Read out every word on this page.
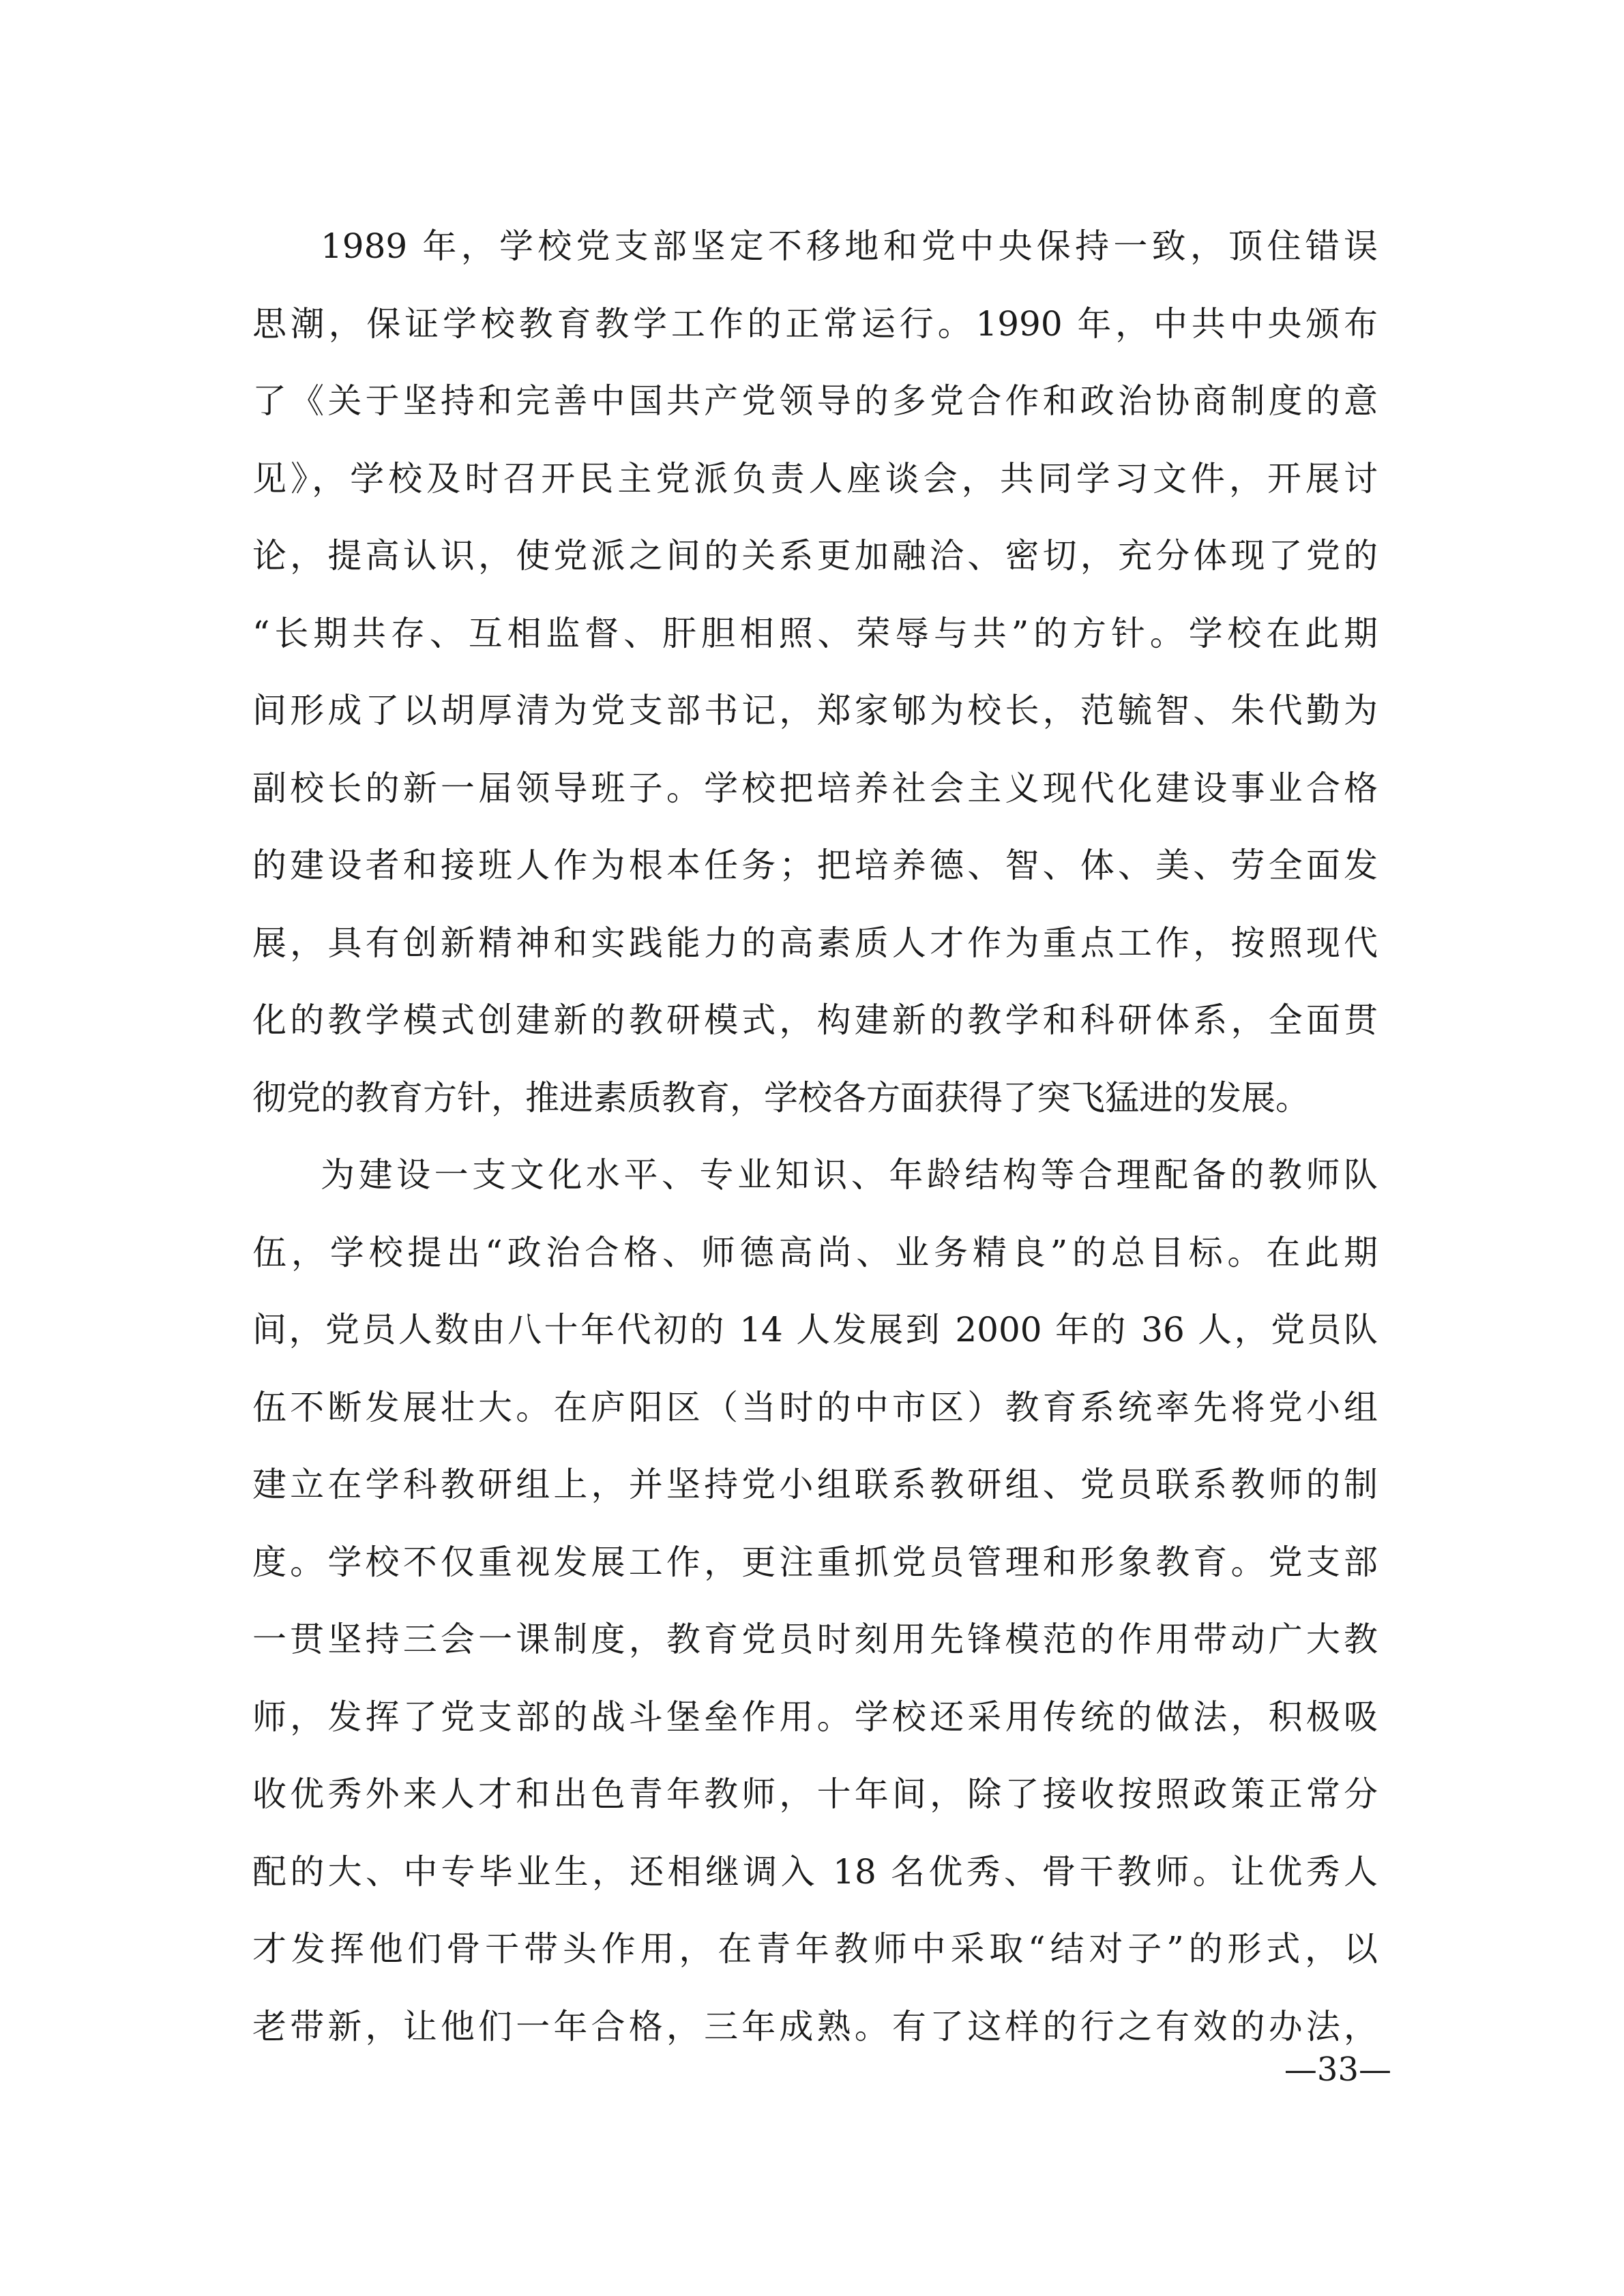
1989 年，学校党支部坚定不移地和党中央保持一致，顶住错误
思潮，保证学校教育教学工作的正常运行。1990 年，中共中央颁布
了《关于坚持和完善中国共产党领导的多党合作和政治协商制度的意
见》，学校及时召开民主党派负责人座谈会，共同学习文件，开展讨
论，提高认识，使党派之间的关系更加融洽、密切，充分体现了党的
“长期共存、互相监督、肝胆相照、荣辱与共”的方针。学校在此期
间形成了以胡厚清为党支部书记，郑家郇为校长，范毓智、朱代勤为
副校长的新一届领导班子。学校把培养社会主义现代化建设事业合格
的建设者和接班人作为根本任务；把培养德、智、体、美、劳全面发
展，具有创新精神和实践能力的高素质人才作为重点工作，按照现代
化的教学模式创建新的教研模式，构建新的教学和科研体系，全面贯
彻党的教育方针，推进素质教育，学校各方面获得了突飞猛进的发展。
为建设一支文化水平、专业知识、年龄结构等合理配备的教师队
伍，学校提出“政治合格、师德高尚、业务精良”的总目标。在此期
间，党员人数由八十年代初的 14 人发展到 2000 年的 36 人，党员队
伍不断发展壮大。在庐阳区（当时的中市区）教育系统率先将党小组
建立在学科教研组上，并坚持党小组联系教研组、党员联系教师的制
度。学校不仅重视发展工作，更注重抓党员管理和形象教育。党支部
一贯坚持三会一课制度，教育党员时刻用先锋模范的作用带动广大教
师，发挥了党支部的战斗堡垒作用。学校还采用传统的做法，积极吸
收优秀外来人才和出色青年教师，十年间，除了接收按照政策正常分
配的大、中专毕业生，还相继调入 18 名优秀、骨干教师。让优秀人
才发挥他们骨干带头作用，在青年教师中采取“结对子”的形式，以
老带新，让他们一年合格，三年成熟。有了这样的行之有效的办法，
—33—
